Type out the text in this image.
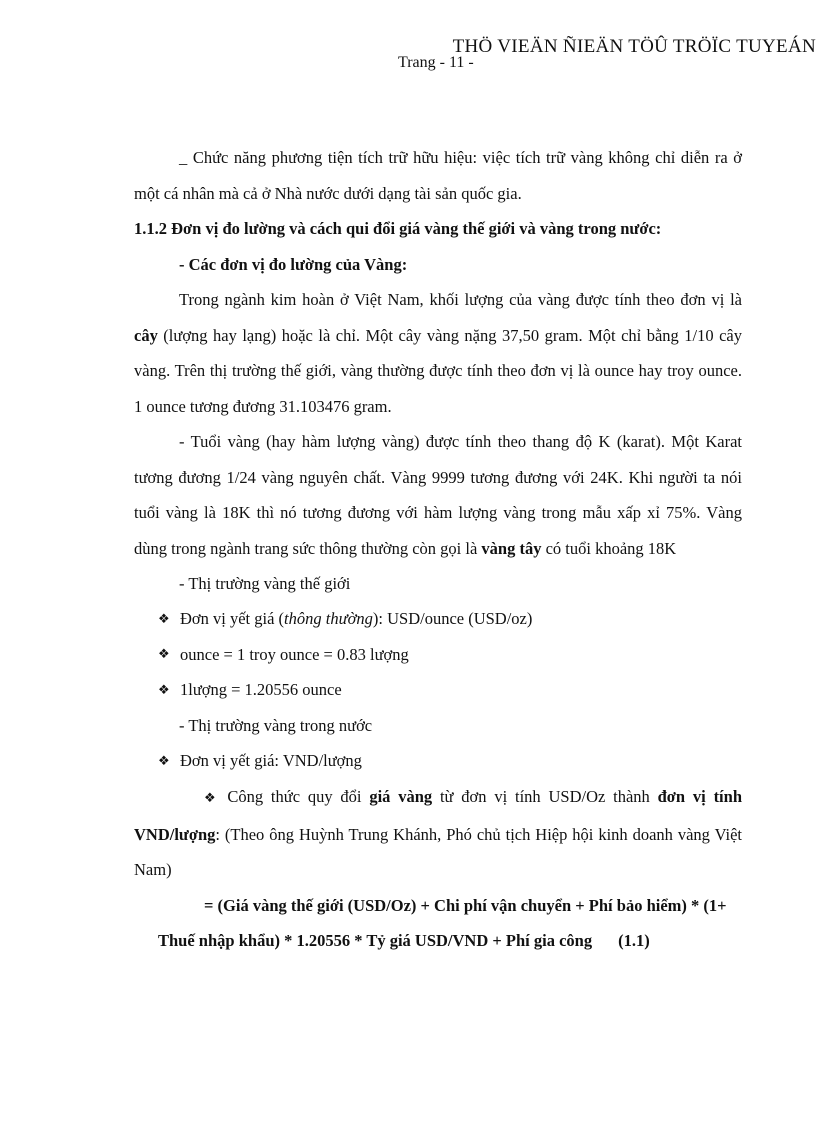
THÖ VIEÄN ÑIEÄN TÖÛ TRÖÏC TUYEÁN
Trang - 11 -

_ Chức năng phương tiện tích trữ hữu hiệu: việc tích trữ vàng không chỉ diễn ra ở một cá nhân mà cả ở Nhà nước dưới dạng tài sản quốc gia.

1.1.2 Đơn vị đo lường và cách qui đổi giá vàng thế giới và vàng trong nước:

- Các đơn vị đo lường của Vàng:

Trong ngành kim hoàn ở Việt Nam, khối lượng của vàng được tính theo đơn vị là cây (lượng hay lạng) hoặc là chỉ. Một cây vàng nặng 37,50 gram. Một chỉ bằng 1/10 cây vàng. Trên thị trường thế giới, vàng thường được tính theo đơn vị là ounce hay troy ounce. 1 ounce tương đương 31.103476 gram.

- Tuổi vàng (hay hàm lượng vàng) được tính theo thang độ K (karat). Một Karat tương đương 1/24 vàng nguyên chất. Vàng 9999 tương đương với 24K. Khi người ta nói tuổi vàng là 18K thì nó tương đương với hàm lượng vàng trong mẫu xấp xỉ 75%. Vàng dùng trong ngành trang sức thông thường còn gọi là vàng tây có tuổi khoảng 18K

- Thị trường vàng thế giới

❖ Đơn vị yết giá (thông thường): USD/ounce (USD/oz)
❖ ounce = 1 troy ounce = 0.83 lượng
❖ 1lượng = 1.20556 ounce

- Thị trường vàng trong nước

❖ Đơn vị yết giá: VND/lượng

❖ Công thức quy đổi giá vàng từ đơn vị tính USD/Oz thành đơn vị tính VND/lượng: (Theo ông Huỳnh Trung Khánh, Phó chủ tịch Hiệp hội kinh doanh vàng Việt Nam)

= (Giá vàng thế giới (USD/Oz) + Chi phí vận chuyển + Phí bảo hiểm) * (1+

Thuế nhập khẩu) * 1.20556 * Tỷ giá USD/VND + Phí gia công (1.1)
